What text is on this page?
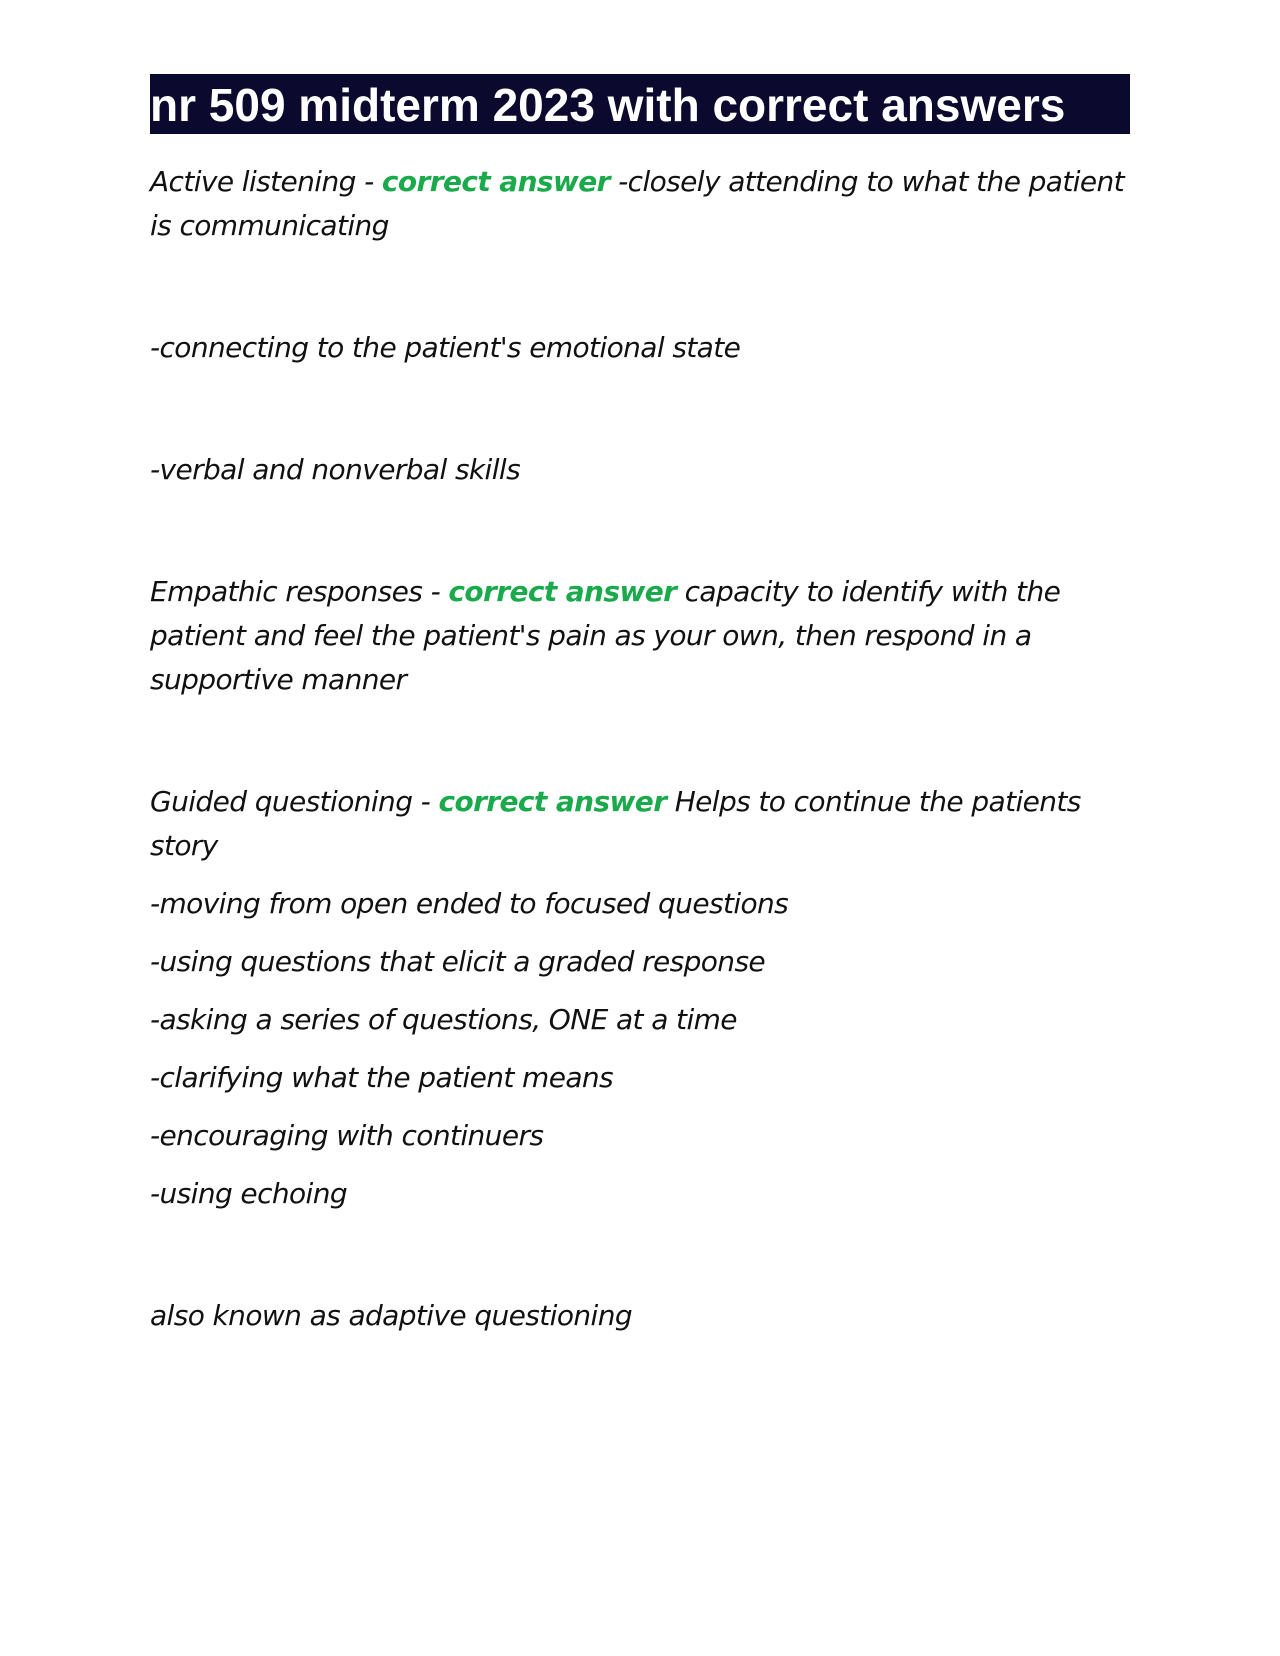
nr 509 midterm 2023 with correct answers

Active listening - correct answer -closely attending to what the patient is communicating

-connecting to the patient's emotional state

-verbal and nonverbal skills

Empathic responses - correct answer capacity to identify with the patient and feel the patient's pain as your own, then respond in a supportive manner

Guided questioning - correct answer Helps to continue the patients story

-moving from open ended to focused questions

-using questions that elicit a graded response

-asking a series of questions, ONE at a time

-clarifying what the patient means

-encouraging with continuers

-using echoing

also known as adaptive questioning
